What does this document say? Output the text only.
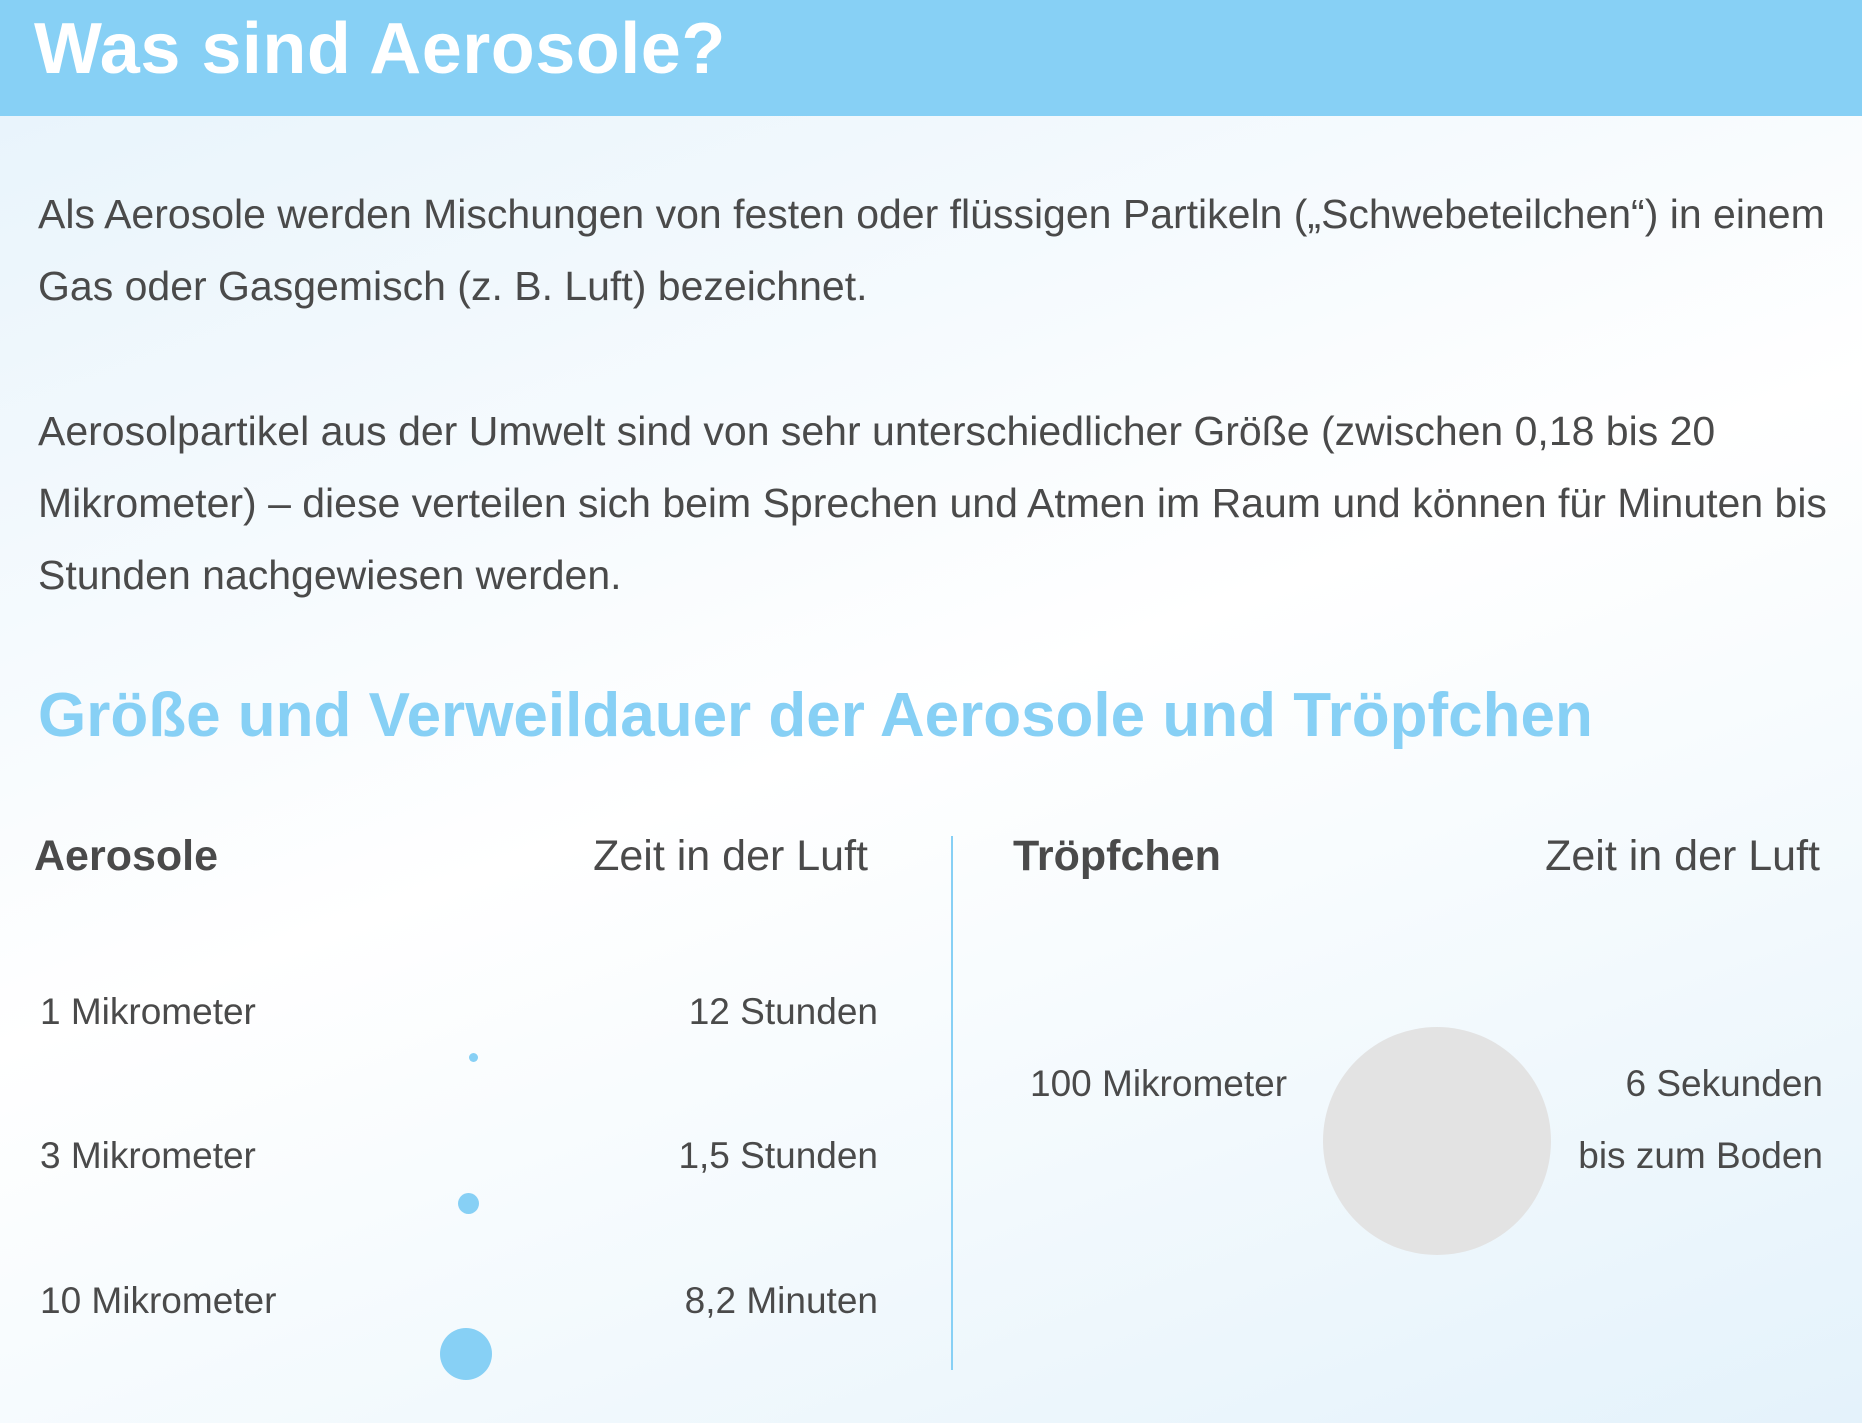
Was sind Aerosole?

Als Aerosole werden Mischungen von festen oder flüssigen Partikeln („Schwebeteilchen“) in einem Gas oder Gasgemisch (z. B. Luft) bezeichnet.

Aerosolpartikel aus der Umwelt sind von sehr unterschiedlicher Größe (zwischen 0,18 bis 20 Mikrometer) – diese verteilen sich beim Sprechen und Atmen im Raum und können für Minuten bis Stunden nachgewiesen werden.

Größe und Verweildauer der Aerosole und Tröpfchen
Aerosole	Zeit in der Luft
1 Mikrometer	12 Stunden
3 Mikrometer	1,5 Stunden
10 Mikrometer	8,2 Minuten
Tröpfchen	Zeit in der Luft
100 Mikrometer	6 Sekunden
bis zum Boden
